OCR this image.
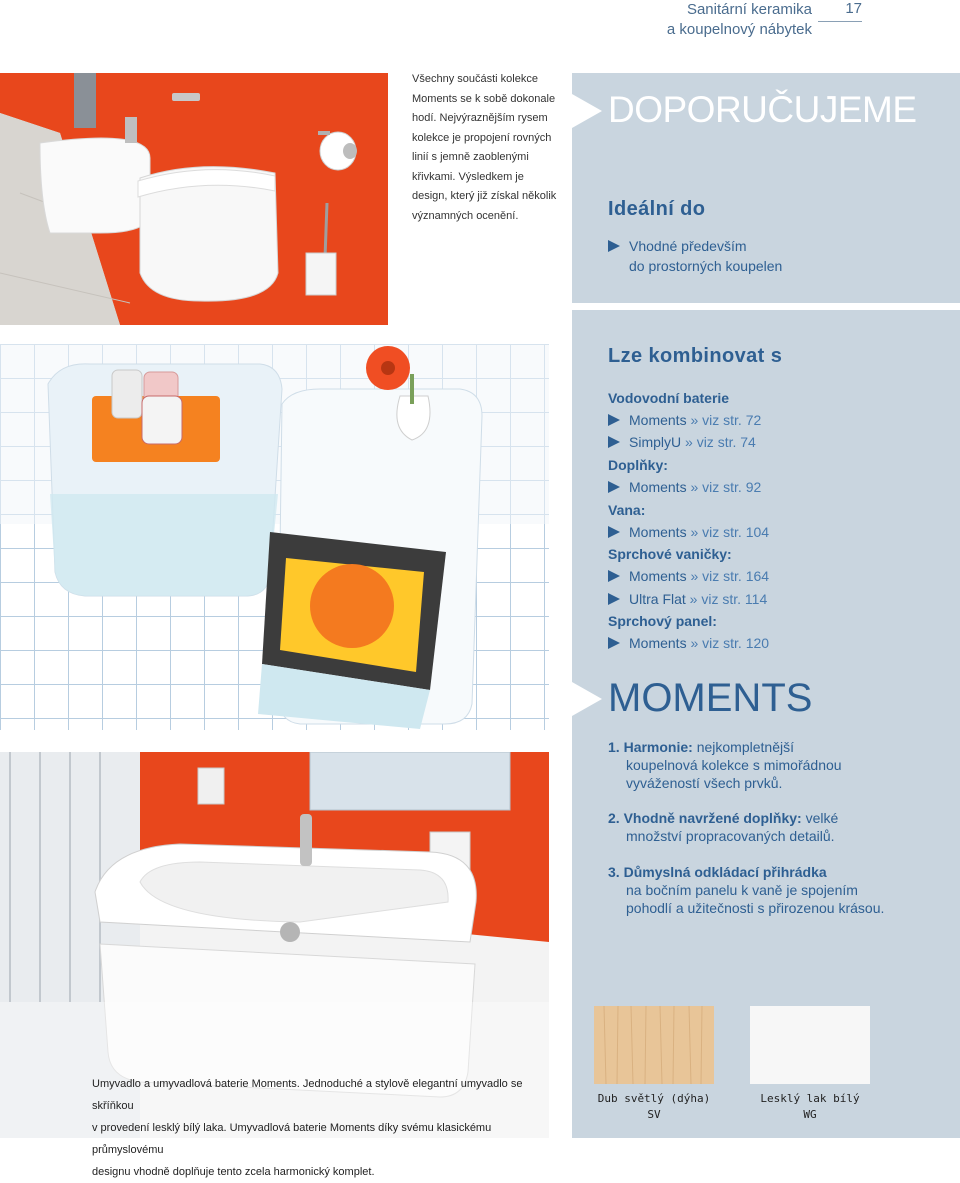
Sanitární keramika
a koupelnový nábytek
17
Všechny součásti kolekce Moments se k sobě dokonale hodí. Nejvýraznějším rysem kolekce je propojení rovných linií s jemně zaoblenými křivkami. Výsledkem je design, který již získal několik významných ocenění.
Umyvadlo a umyvadlová baterie Moments. Jednoduché a stylově elegantní umyvadlo se skříňkou
v provedení lesklý bílý laka. Umyvadlová baterie Moments díky svému klasickému průmyslovému
designu vhodně doplňuje tento zcela harmonický komplet.
DOPORUČUJEME
Ideální do
Vhodné především
do prostorných koupelen
Lze kombinovat s
Vodovodní baterie
Moments » viz str. 72
SimplyU » viz str. 74
Doplňky:
Moments » viz str. 92
Vana:
Moments » viz str. 104
Sprchové vaničky:
Moments » viz str. 164
Ultra Flat » viz str. 114
Sprchový panel:
Moments » viz str. 120
MOMENTS
1. Harmonie: nejkompletnější
koupelnová kolekce s mimořádnou
vyvážeností všech prvků.
2. Vhodně navržené doplňky: velké
množství propracovaných detailů.
3. Důmyslná odkládací přihrádka
na bočním panelu k vaně je spojením
pohodlí a užitečnosti s přirozenou krásou.
Dub světlý (dýha)
SV
Lesklý lak bílý
WG
